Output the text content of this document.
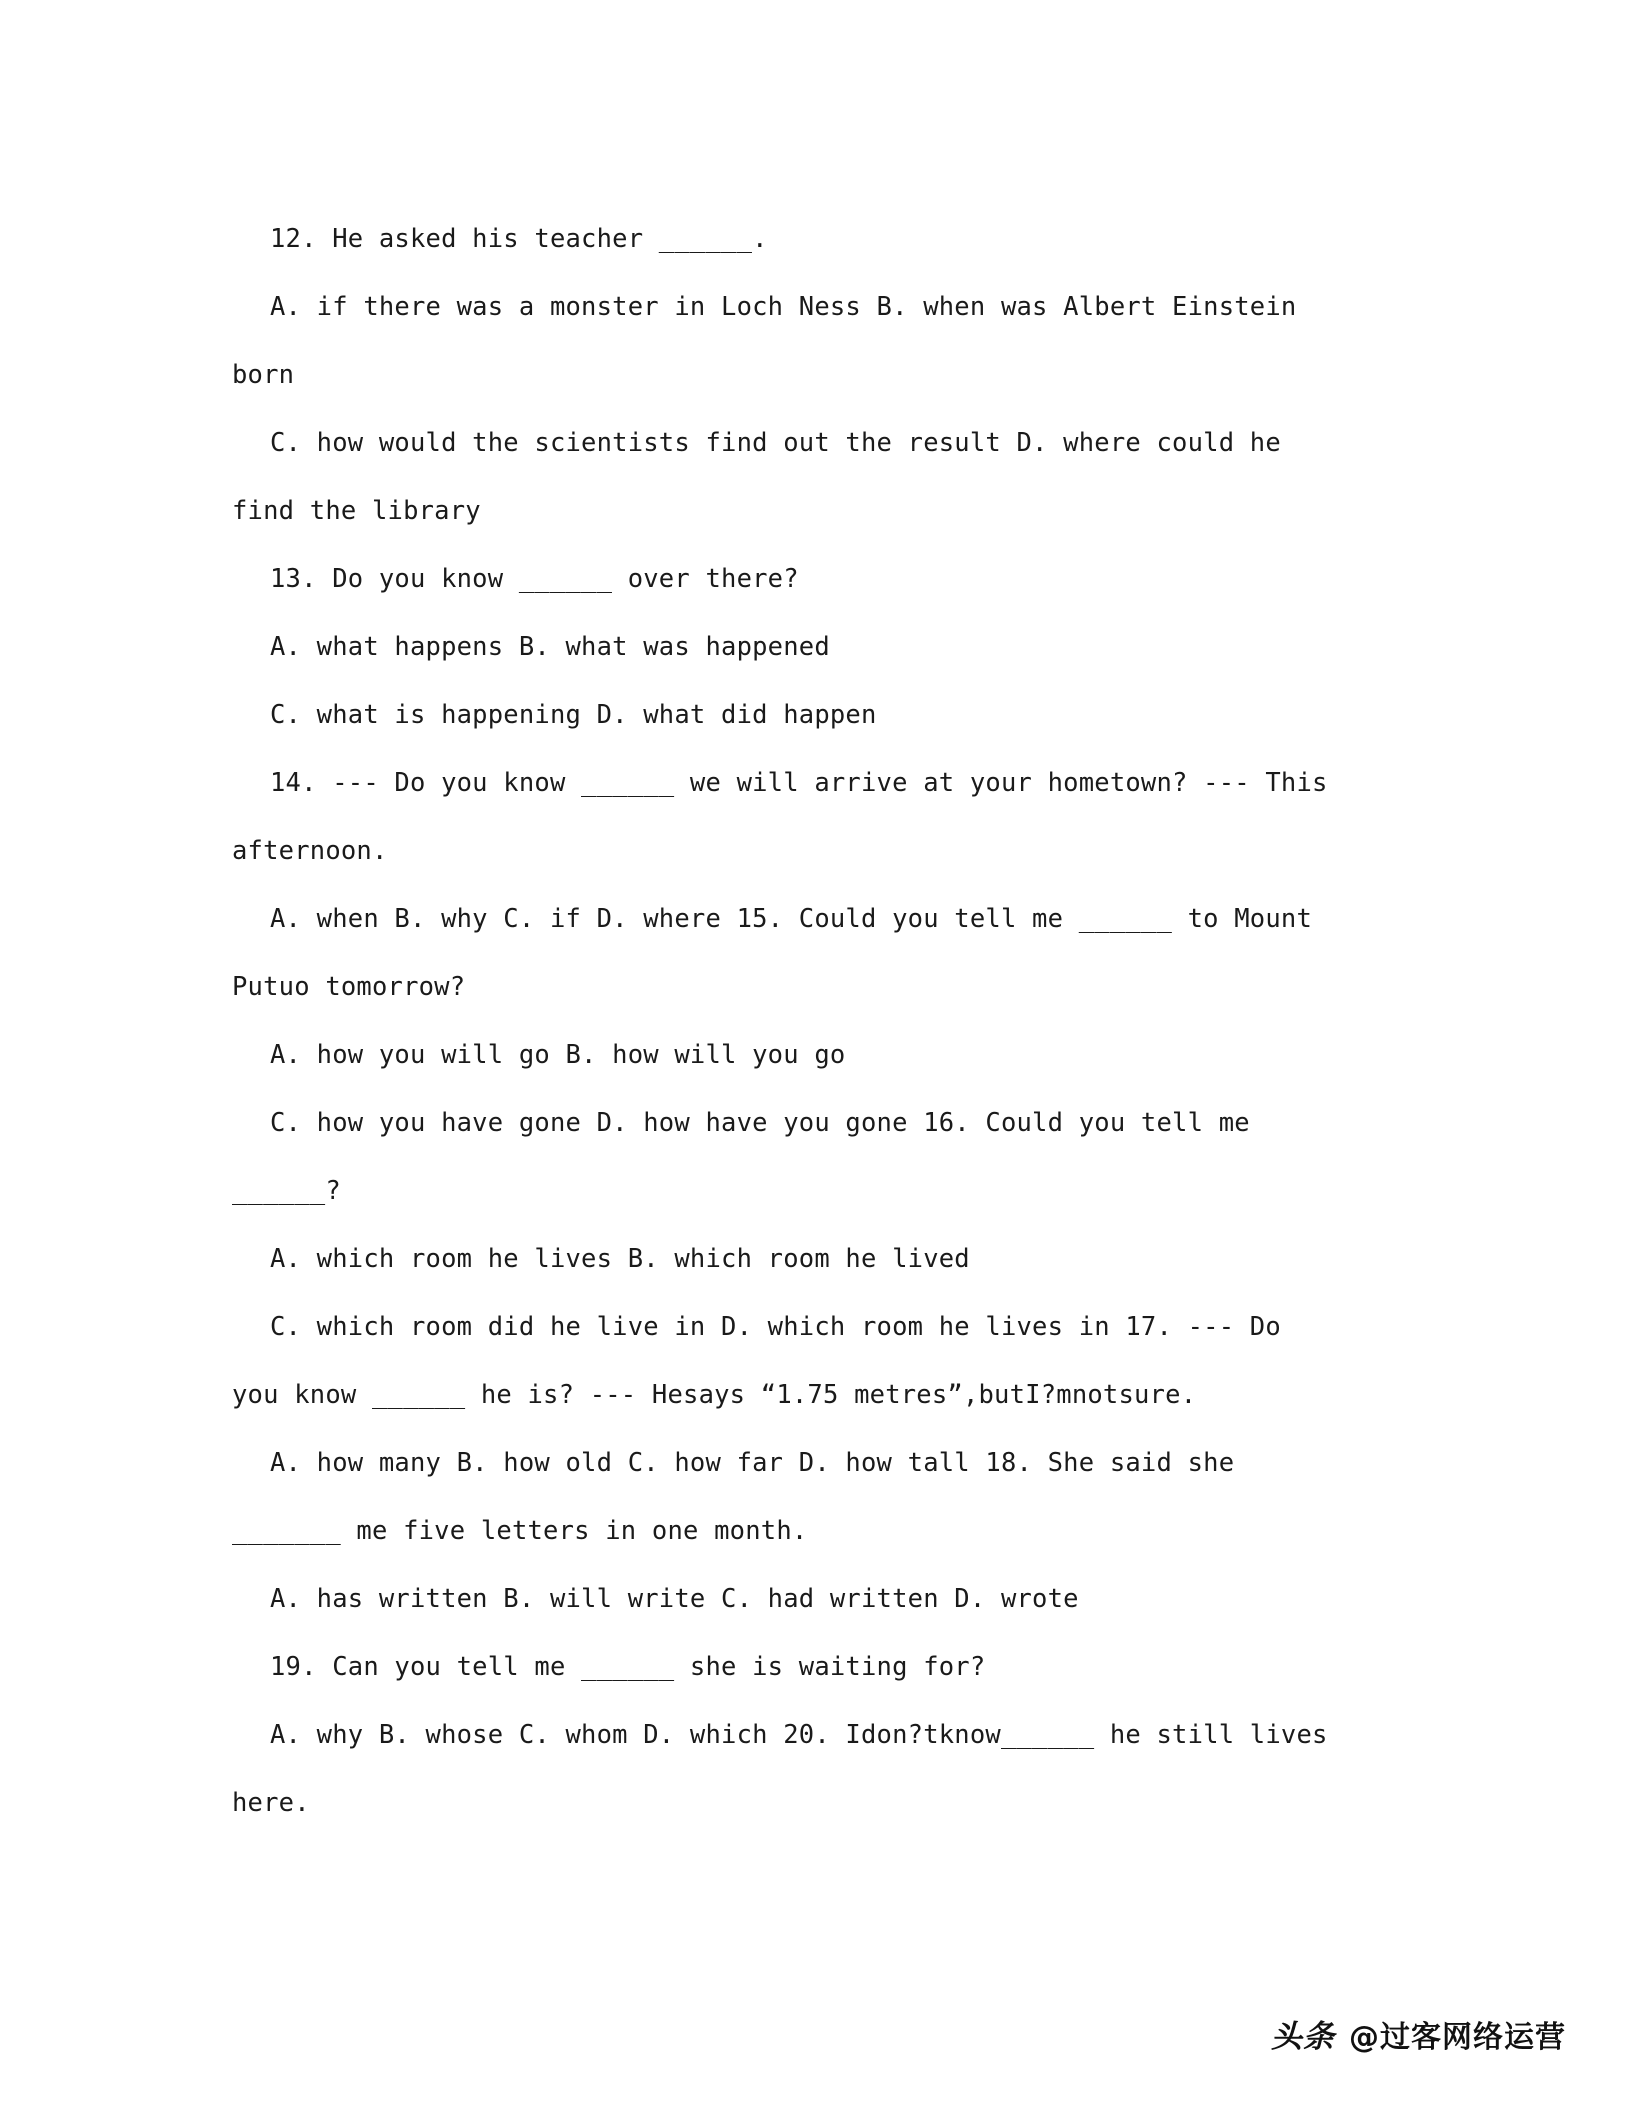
12. He asked his teacher ______.
A. if there was a monster in Loch Ness B. when was Albert Einstein
born
C. how would the scientists find out the result D. where could he
find the library
13. Do you know ______ over there?
A. what happens B. what was happened
C. what is happening D. what did happen
14. --- Do you know ______ we will arrive at your hometown? --- This
afternoon.
A. when B. why C. if D. where 15. Could you tell me ______ to Mount
Putuo tomorrow?
A. how you will go B. how will you go
C. how you have gone D. how have you gone 16. Could you tell me
______?
A. which room he lives B. which room he lived
C. which room did he live in D. which room he lives in 17. --- Do
you know ______ he is? --- Hesays “1.75 metres”,butI?mnotsure.
A. how many B. how old C. how far D. how tall 18. She said she
_______ me five letters in one month.
A. has written B. will write C. had written D. wrote
19. Can you tell me ______ she is waiting for?
A. why B. whose C. whom D. which 20. Idon?tknow______ he still lives
here.
头条 @过客网络运营
